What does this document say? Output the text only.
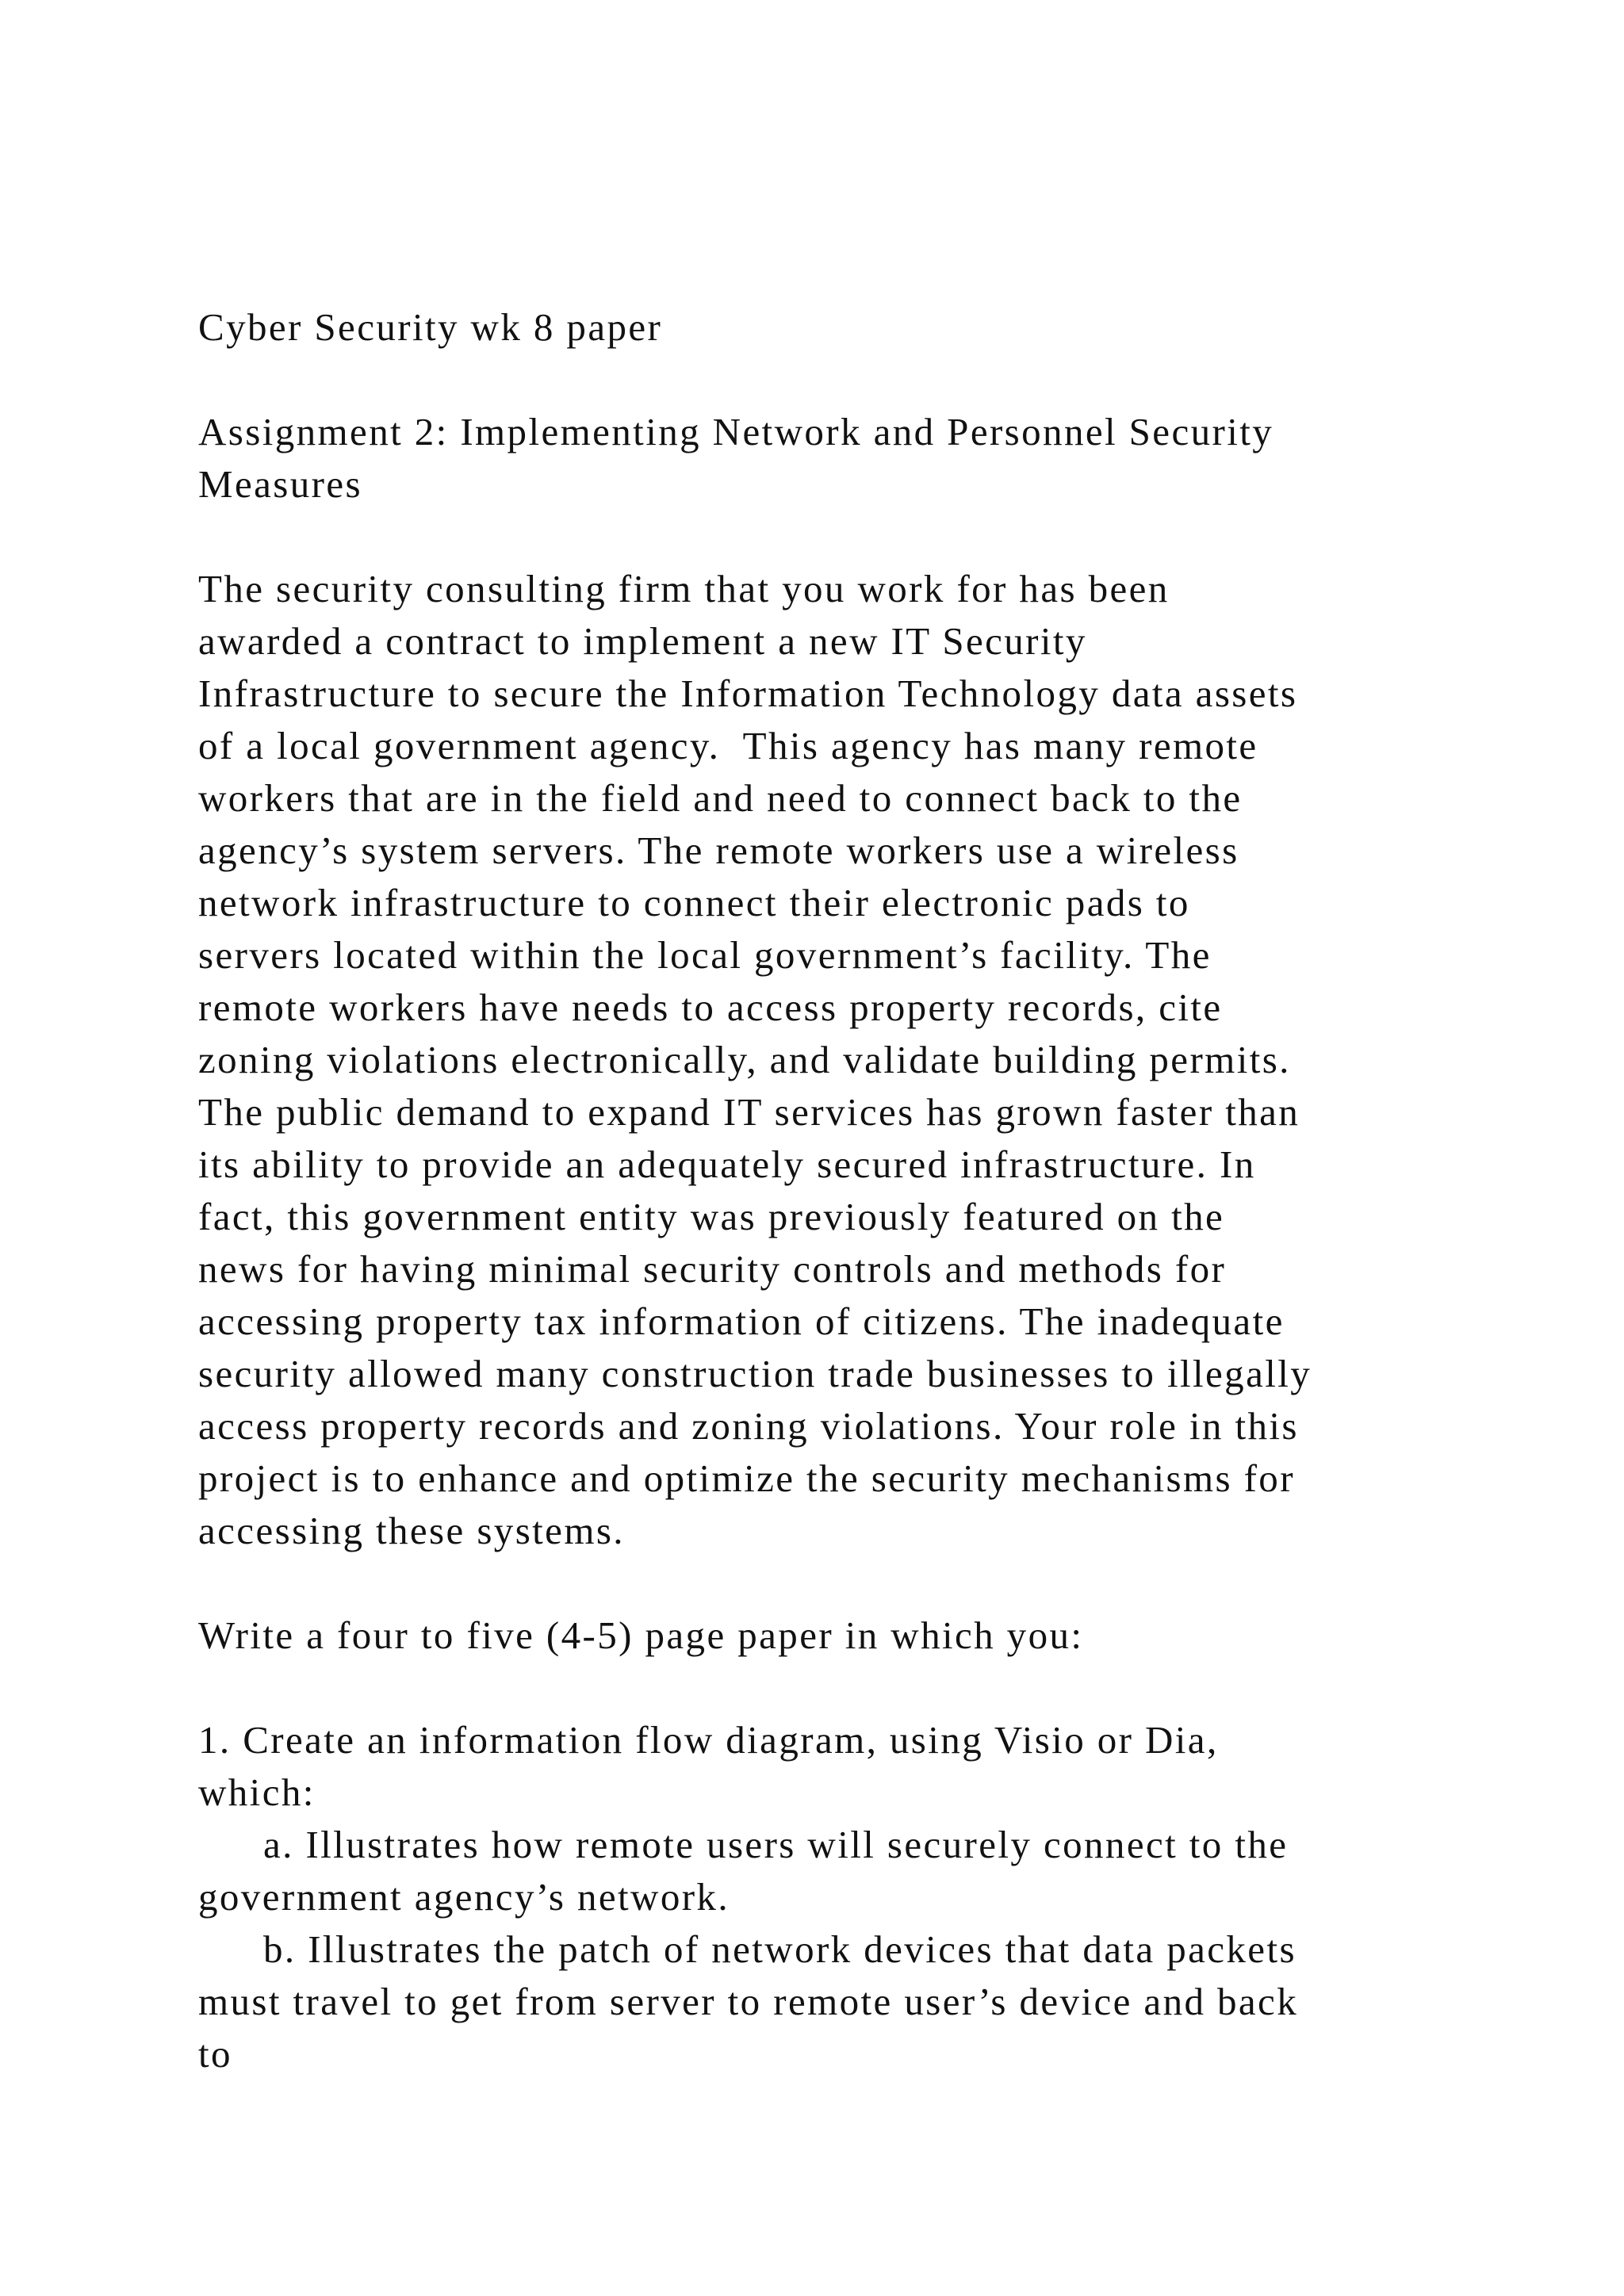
Cyber Security wk 8 paper
Assignment 2: Implementing Network and Personnel Security
Measures
The security consulting firm that you work for has been
awarded a contract to implement a new IT Security
Infrastructure to secure the Information Technology data assets
of a local government agency.  This agency has many remote
workers that are in the field and need to connect back to the
agency’s system servers. The remote workers use a wireless
network infrastructure to connect their electronic pads to
servers located within the local government’s facility. The
remote workers have needs to access property records, cite
zoning violations electronically, and validate building permits.
The public demand to expand IT services has grown faster than
its ability to provide an adequately secured infrastructure. In
fact, this government entity was previously featured on the
news for having minimal security controls and methods for
accessing property tax information of citizens. The inadequate
security allowed many construction trade businesses to illegally
access property records and zoning violations. Your role in this
project is to enhance and optimize the security mechanisms for
accessing these systems.
Write a four to five (4-5) page paper in which you:
1. Create an information flow diagram, using Visio or Dia,
which:
a. Illustrates how remote users will securely connect to the
government agency’s network.
b. Illustrates the patch of network devices that data packets
must travel to get from server to remote user’s device and back
to
